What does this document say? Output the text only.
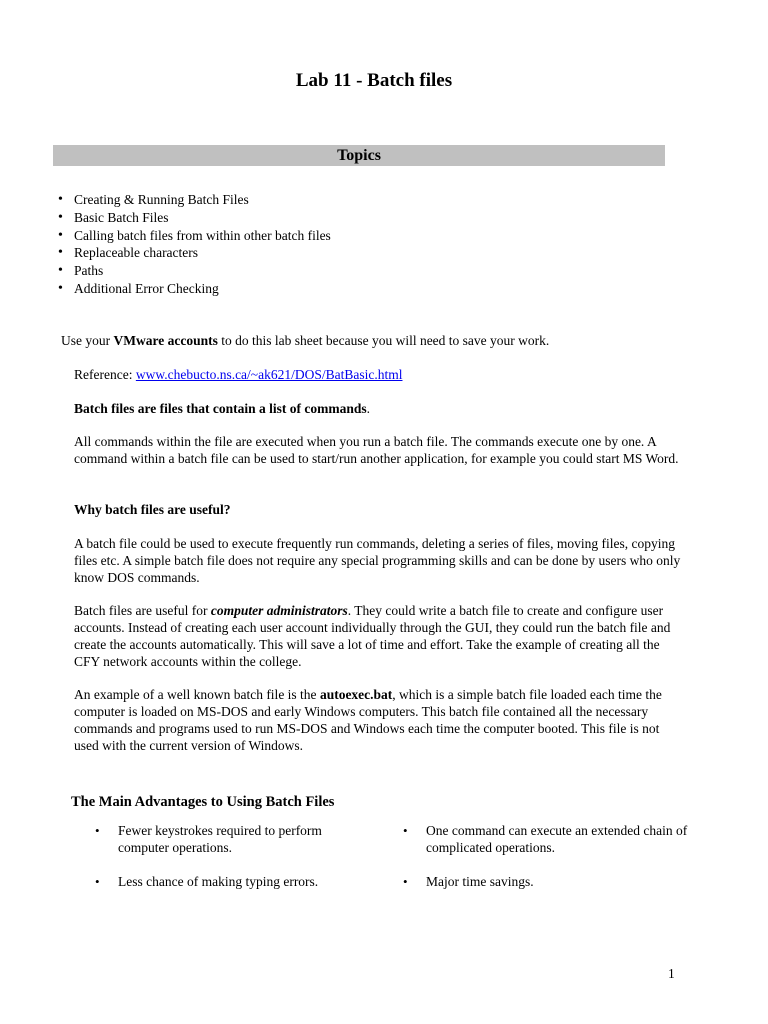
Lab 11 - Batch files
Topics
• Creating & Running Batch Files
• Basic Batch Files
• Calling batch files from within other batch files
• Replaceable characters
• Paths
• Additional Error Checking

Use your VMware accounts to do this lab sheet because you will need to save your work.

Reference: www.chebucto.ns.ca/~ak621/DOS/BatBasic.html

Batch files are files that contain a list of commands.

All commands within the file are executed when you run a batch file. The commands execute one by one. A command within a batch file can be used to start/run another application, for example you could start MS Word.

Why batch files are useful?

A batch file could be used to execute frequently run commands, deleting a series of files, moving files, copying files etc. A simple batch file does not require any special programming skills and can be done by users who only know DOS commands.

Batch files are useful for computer administrators. They could write a batch file to create and configure user accounts. Instead of creating each user account individually through the GUI, they could run the batch file and create the accounts automatically. This will save a lot of time and effort. Take the example of creating all the CFY network accounts within the college.

An example of a well known batch file is the autoexec.bat, which is a simple batch file loaded each time the computer is loaded on MS-DOS and early Windows computers. This batch file contained all the necessary commands and programs used to run MS-DOS and Windows each time the computer booted. This file is not used with the current version of Windows.

The Main Advantages to Using Batch Files
• Fewer keystrokes required to perform computer operations.
• One command can execute an extended chain of complicated operations.
• Less chance of making typing errors.	• Major time savings.
1
